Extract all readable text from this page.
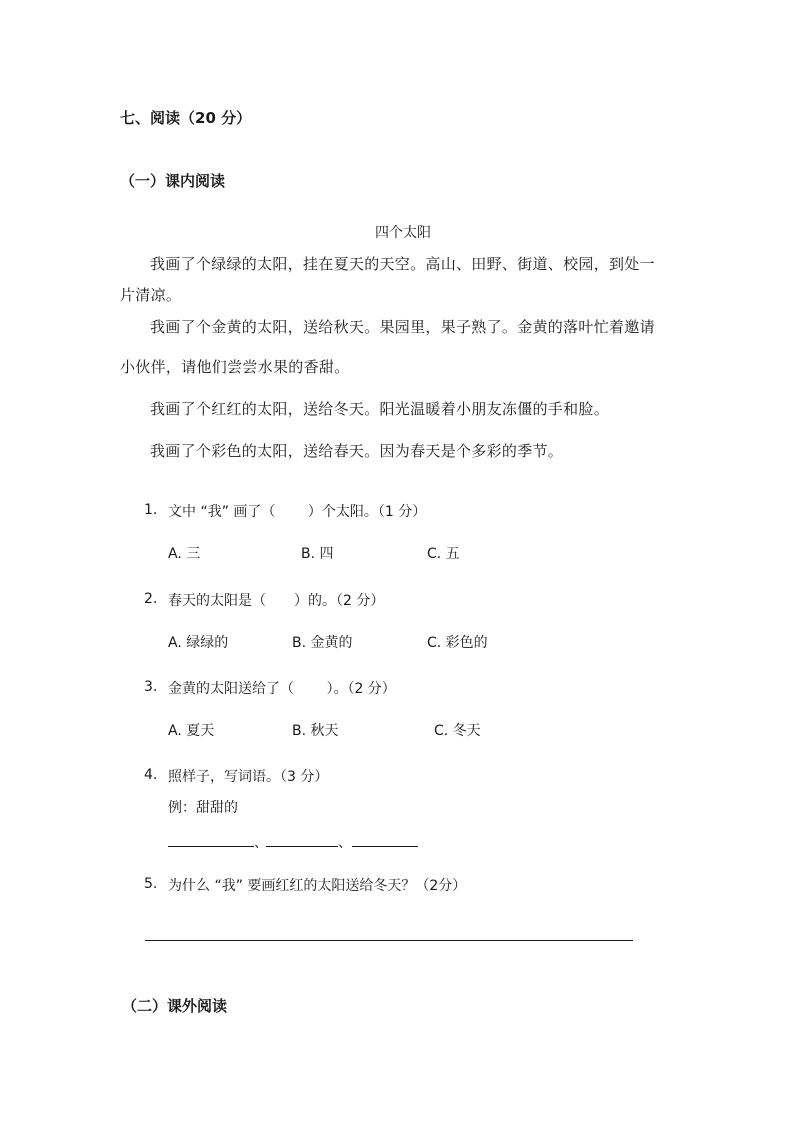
七、阅读（20 分）
（一）课内阅读
四个太阳
我画了个绿绿的太阳，挂在夏天的天空。高山、田野、街道、校园，到处一
片清凉。
我画了个金黄的太阳，送给秋天。果园里，果子熟了。金黄的落叶忙着邀请
小伙伴，请他们尝尝水果的香甜。
我画了个红红的太阳，送给冬天。阳光温暖着小朋友冻僵的手和脸。
我画了个彩色的太阳，送给春天。因为春天是个多彩的季节。
1. 文中 “我” 画了（　　 ）个太阳。（1 分）
A. 三	B. 四	C. 五
2. 春天的太阳是（　　）的。（2 分）
A. 绿绿的	B. 金黄的	C. 彩色的
3. 金黄的太阳送给了（　　 ）。（2 分）
A. 夏天	B. 秋天	C. 冬天
4. 照样子，写词语。（3 分）
例：甜甜的
、	、
5. 为什么 “我” 要画红红的太阳送给冬天？（2分）
（二）课外阅读
